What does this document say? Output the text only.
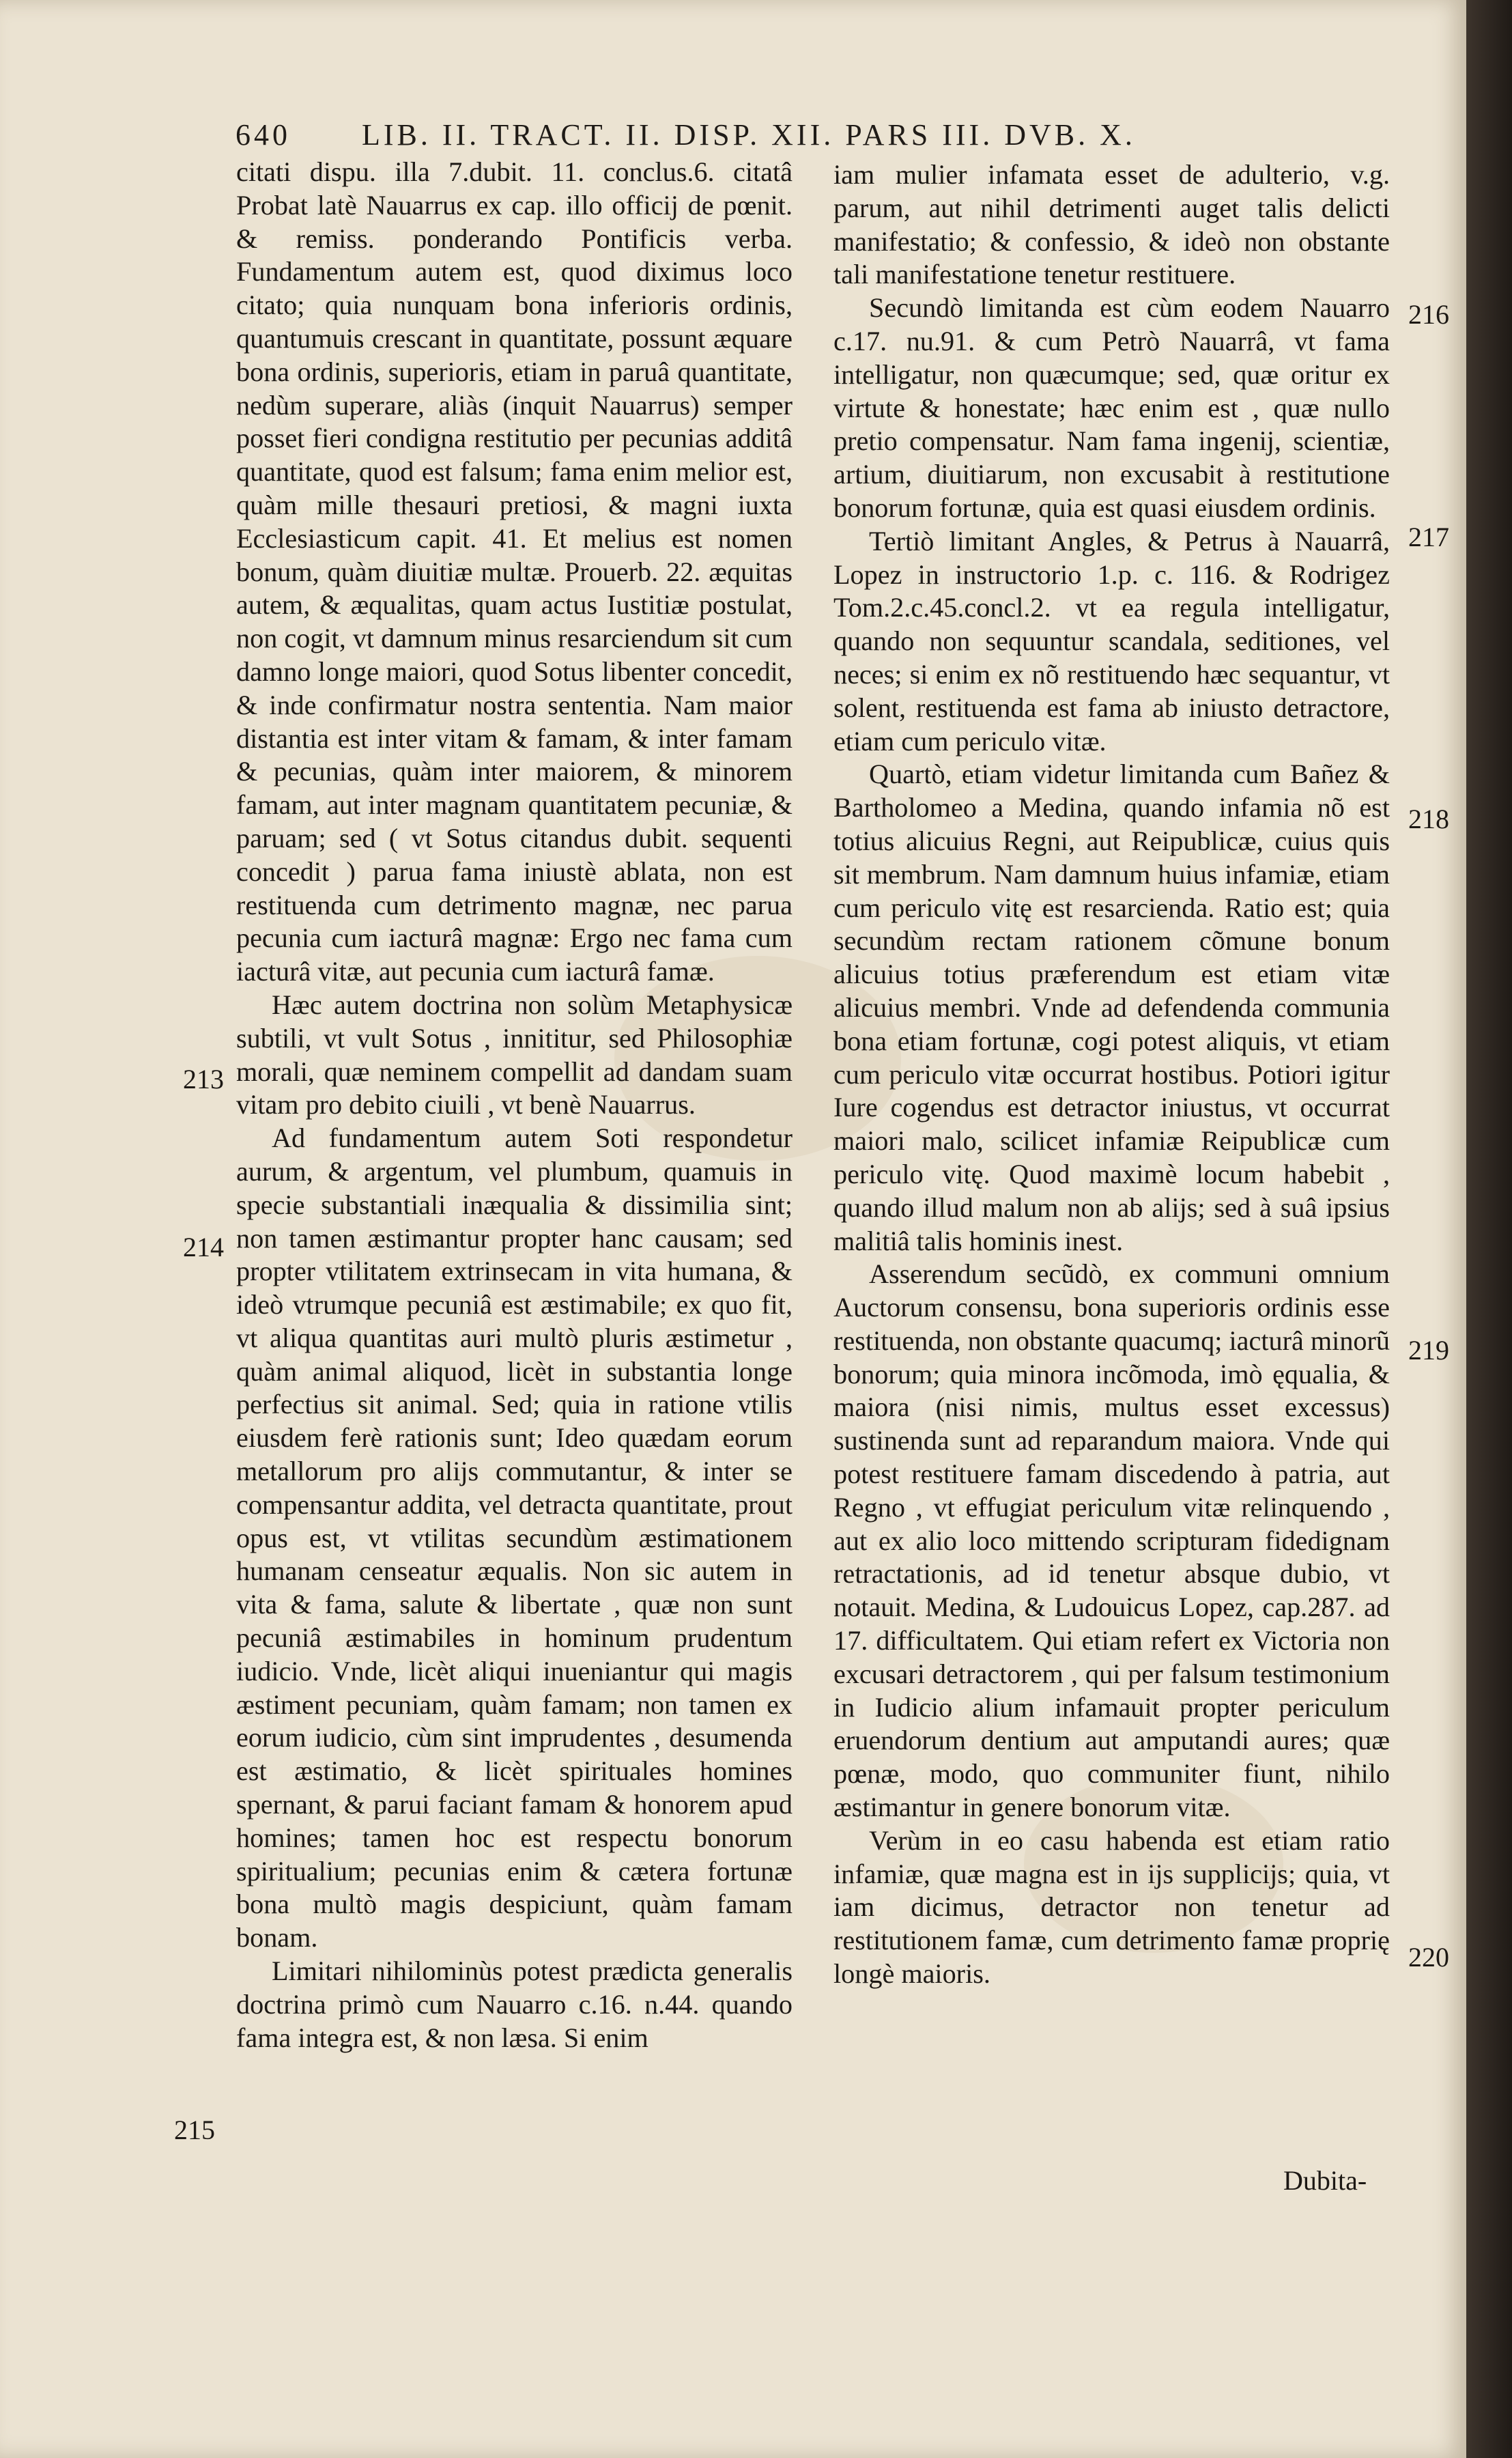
640 LIB. II. TRACT. II. DISP. XII. PARS III. DVB. X.

citati dispu. illa 7.dubit. 11. conclus.6. citatâ Probat latè Nauarrus ex cap. illo officij de pœnit. & remiss. ponderando Pontificis verba. Fundamentum autem est, quod diximus loco citato; quia nunquam bona inferioris ordinis, quantumuis crescant in quantitate, possunt æquare bona ordinis, superioris, etiam in paruâ quantitate, nedùm superare, aliàs (inquit Nauarrus) semper posset fieri condigna restitutio per pecunias additâ quantitate, quod est falsum; fama enim melior est, quàm mille thesauri pretiosi, & magni iuxta Ecclesiasticum capit. 41. Et melius est nomen bonum, quàm diuitiæ multæ. Prouerb. 22. æquitas autem, & æqualitas, quam actus Iustitiæ postulat, non cogit, vt damnum minus resarciendum sit cum damno longe maiori, quod Sotus libenter concedit, & inde confirmatur nostra sententia. Nam maior distantia est inter vitam & famam, & inter famam & pecunias, quàm inter maiorem, & minorem famam, aut inter magnam quantitatem pecuniæ, & paruam; sed ( vt Sotus citandus dubit. sequenti concedit ) parua fama iniustè ablata, non est restituenda cum detrimento magnæ, nec parua pecunia cum iacturâ magnæ: Ergo nec fama cum iacturâ vitæ, aut pecunia cum iacturâ famæ.

Hæc autem doctrina non solùm Metaphysicæ subtili, vt vult Sotus , innititur, sed Philosophiæ morali, quæ neminem compellit ad dandam suam vitam pro debito ciuili , vt benè Nauarrus.

Ad fundamentum autem Soti respondetur aurum, & argentum, vel plumbum, quamuis in specie substantiali inæqualia & dissimilia sint; non tamen æstimantur propter hanc causam; sed propter vtilitatem extrinsecam in vita humana, & ideò vtrumque pecuniâ est æstimabile; ex quo fit, vt aliqua quantitas auri multò pluris æstimetur , quàm animal aliquod, licèt in substantia longe perfectius sit animal. Sed; quia in ratione vtilis eiusdem ferè rationis sunt; Ideo quædam eorum metallorum pro alijs commutantur, & inter se compensantur addita, vel detracta quantitate, prout opus est, vt vtilitas secundùm æstimationem humanam censeatur æqualis. Non sic autem in vita & fama, salute & libertate , quæ non sunt pecuniâ æstimabiles in hominum prudentum iudicio. Vnde, licèt aliqui inueniantur qui magis æstiment pecuniam, quàm famam; non tamen ex eorum iudicio, cùm sint imprudentes , desumenda est æstimatio, & licèt spirituales homines spernant, & parui faciant famam & honorem apud homines; tamen hoc est respectu bonorum spiritualium; pecunias enim & cætera fortunæ bona multò magis despiciunt, quàm famam bonam.

Limitari nihilominùs potest prædicta generalis doctrina primò cum Nauarro c.16. n.44. quando fama integra est, & non læsa. Si enim

213
214
215

iam mulier infamata esset de adulterio, v.g. parum, aut nihil detrimenti auget talis delicti manifestatio; & confessio, & ideò non obstante tali manifestatione tenetur restituere.

Secundò limitanda est cùm eodem Nauarro c.17. nu.91. & cum Petrò Nauarrâ, vt fama intelligatur, non quæcumque; sed, quæ oritur ex virtute & honestate; hæc enim est , quæ nullo pretio compensatur. Nam fama ingenij, scientiæ, artium, diuitiarum, non excusabit à restitutione bonorum fortunæ, quia est quasi eiusdem ordinis.

Tertiò limitant Angles, & Petrus à Nauarrâ, Lopez in instructorio 1.p. c. 116. & Rodrigez Tom.2.c.45.concl.2. vt ea regula intelligatur, quando non sequuntur scandala, seditiones, vel neces; si enim ex nõ restituendo hæc sequantur, vt solent, restituenda est fama ab iniusto detractore, etiam cum periculo vitæ.

Quartò, etiam videtur limitanda cum Bañez & Bartholomeo a Medina, quando infamia nõ est totius alicuius Regni, aut Reipublicæ, cuius quis sit membrum. Nam damnum huius infamiæ, etiam cum periculo vitę est resarcienda. Ratio est; quia secundùm rectam rationem cõmune bonum alicuius totius præferendum est etiam vitæ alicuius membri. Vnde ad defendenda communia bona etiam fortunæ, cogi potest aliquis, vt etiam cum periculo vitæ occurrat hostibus. Potiori igitur Iure cogendus est detractor iniustus, vt occurrat maiori malo, scilicet infamiæ Reipublicæ cum periculo vitę. Quod maximè locum habebit , quando illud malum non ab alijs; sed à suâ ipsius malitiâ talis hominis inest.

Asserendum secũdò, ex communi omnium Auctorum consensu, bona superioris ordinis esse restituenda, non obstante quacumq; iacturâ minorũ bonorum; quia minora incõmoda, imò ęqualia, & maiora (nisi nimis, multus esset excessus) sustinenda sunt ad reparandum maiora. Vnde qui potest restituere famam discedendo à patria, aut Regno , vt effugiat periculum vitæ relinquendo , aut ex alio loco mittendo scripturam fidedignam retractationis, ad id tenetur absque dubio, vt notauit. Medina, & Ludouicus Lopez, cap.287. ad 17. difficultatem. Qui etiam refert ex Victoria non excusari detractorem , qui per falsum testimonium in Iudicio alium infamauit propter periculum eruendorum dentium aut amputandi aures; quæ pœnæ, modo, quo communiter fiunt, nihilo æstimantur in genere bonorum vitæ.

Verùm in eo casu habenda est etiam ratio infamiæ, quæ magna est in ijs supplicijs; quia, vt iam dicimus, detractor non tenetur ad restitutionem famæ, cum detrimento famæ proprię longè maioris.

216
217
218
219
220
Dubita-
